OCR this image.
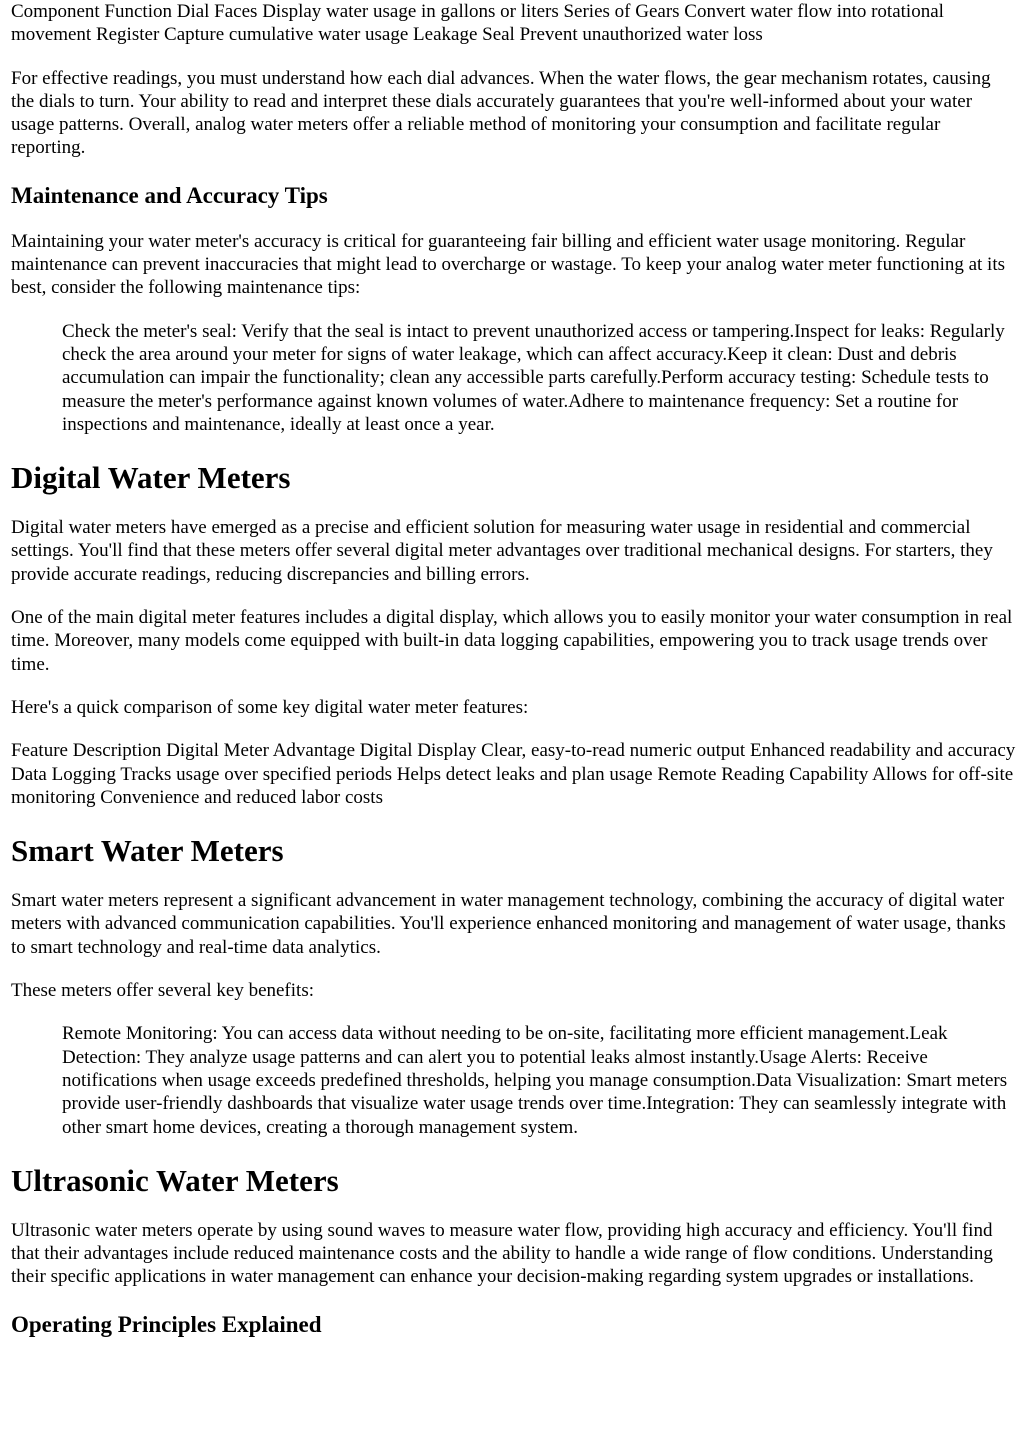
Component Function Dial Faces Display water usage in gallons or liters Series of Gears Convert water flow into rotational movement Register Capture cumulative water usage Leakage Seal Prevent unauthorized water loss

For effective readings, you must understand how each dial advances. When the water flows, the gear mechanism rotates, causing the dials to turn. Your ability to read and interpret these dials accurately guarantees that you're well-informed about your water usage patterns. Overall, analog water meters offer a reliable method of monitoring your consumption and facilitate regular reporting.

Maintenance and Accuracy Tips

Maintaining your water meter's accuracy is critical for guaranteeing fair billing and efficient water usage monitoring. Regular maintenance can prevent inaccuracies that might lead to overcharge or wastage. To keep your analog water meter functioning at its best, consider the following maintenance tips:

Check the meter's seal: Verify that the seal is intact to prevent unauthorized access or tampering.Inspect for leaks: Regularly check the area around your meter for signs of water leakage, which can affect accuracy.Keep it clean: Dust and debris accumulation can impair the functionality; clean any accessible parts carefully.Perform accuracy testing: Schedule tests to measure the meter's performance against known volumes of water.Adhere to maintenance frequency: Set a routine for inspections and maintenance, ideally at least once a year.
Digital Water Meters

Digital water meters have emerged as a precise and efficient solution for measuring water usage in residential and commercial settings. You'll find that these meters offer several digital meter advantages over traditional mechanical designs. For starters, they provide accurate readings, reducing discrepancies and billing errors.

One of the main digital meter features includes a digital display, which allows you to easily monitor your water consumption in real time. Moreover, many models come equipped with built-in data logging capabilities, empowering you to track usage trends over time.

Here's a quick comparison of some key digital water meter features:

Feature Description Digital Meter Advantage Digital Display Clear, easy-to-read numeric output Enhanced readability and accuracy Data Logging Tracks usage over specified periods Helps detect leaks and plan usage Remote Reading Capability Allows for off-site monitoring Convenience and reduced labor costs

Smart Water Meters

Smart water meters represent a significant advancement in water management technology, combining the accuracy of digital water meters with advanced communication capabilities. You'll experience enhanced monitoring and management of water usage, thanks to smart technology and real-time data analytics.

These meters offer several key benefits:

Remote Monitoring: You can access data without needing to be on-site, facilitating more efficient management.Leak Detection: They analyze usage patterns and can alert you to potential leaks almost instantly.Usage Alerts: Receive notifications when usage exceeds predefined thresholds, helping you manage consumption.Data Visualization: Smart meters provide user-friendly dashboards that visualize water usage trends over time.Integration: They can seamlessly integrate with other smart home devices, creating a thorough management system.
Ultrasonic Water Meters

Ultrasonic water meters operate by using sound waves to measure water flow, providing high accuracy and efficiency. You'll find that their advantages include reduced maintenance costs and the ability to handle a wide range of flow conditions. Understanding their specific applications in water management can enhance your decision-making regarding system upgrades or installations.

Operating Principles Explained
